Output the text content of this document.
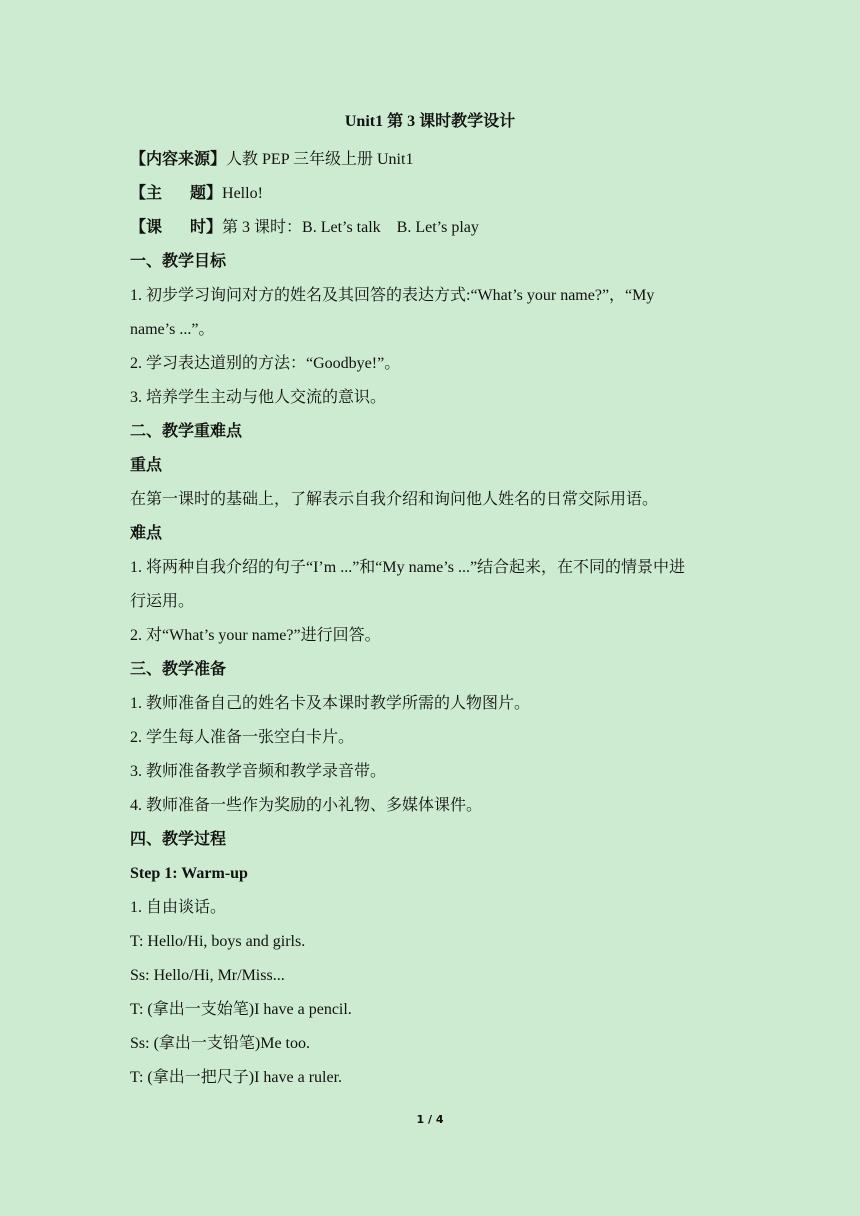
Unit1 第 3 课时教学设计
【内容来源】人教 PEP 三年级上册 Unit1
【主       题】Hello!
【课       时】第 3 课时：B. Let’s talk    B. Let’s play
一、教学目标
1. 初步学习询问对方的姓名及其回答的表达方式:“What’s your name?”，“My
name’s ...”。
2. 学习表达道别的方法：“Goodbye!”。
3. 培养学生主动与他人交流的意识。
二、教学重难点
重点
在第一课时的基础上，了解表示自我介绍和询问他人姓名的日常交际用语。
难点
1. 将两种自我介绍的句子“I’m ...”和“My name’s ...”结合起来，在不同的情景中进
行运用。
2. 对“What’s your name?”进行回答。
三、教学准备
1. 教师准备自己的姓名卡及本课时教学所需的人物图片。
2. 学生每人准备一张空白卡片。
3. 教师准备教学音频和教学录音带。
4. 教师准备一些作为奖励的小礼物、多媒体课件。
四、教学过程
Step 1: Warm-up
1. 自由谈话。
T: Hello/Hi, boys and girls.
Ss: Hello/Hi, Mr/Miss...
T: (拿出一支始笔)I have a pencil.
Ss: (拿出一支铅笔)Me too.
T: (拿出一把尺子)I have a ruler.
1 / 4
